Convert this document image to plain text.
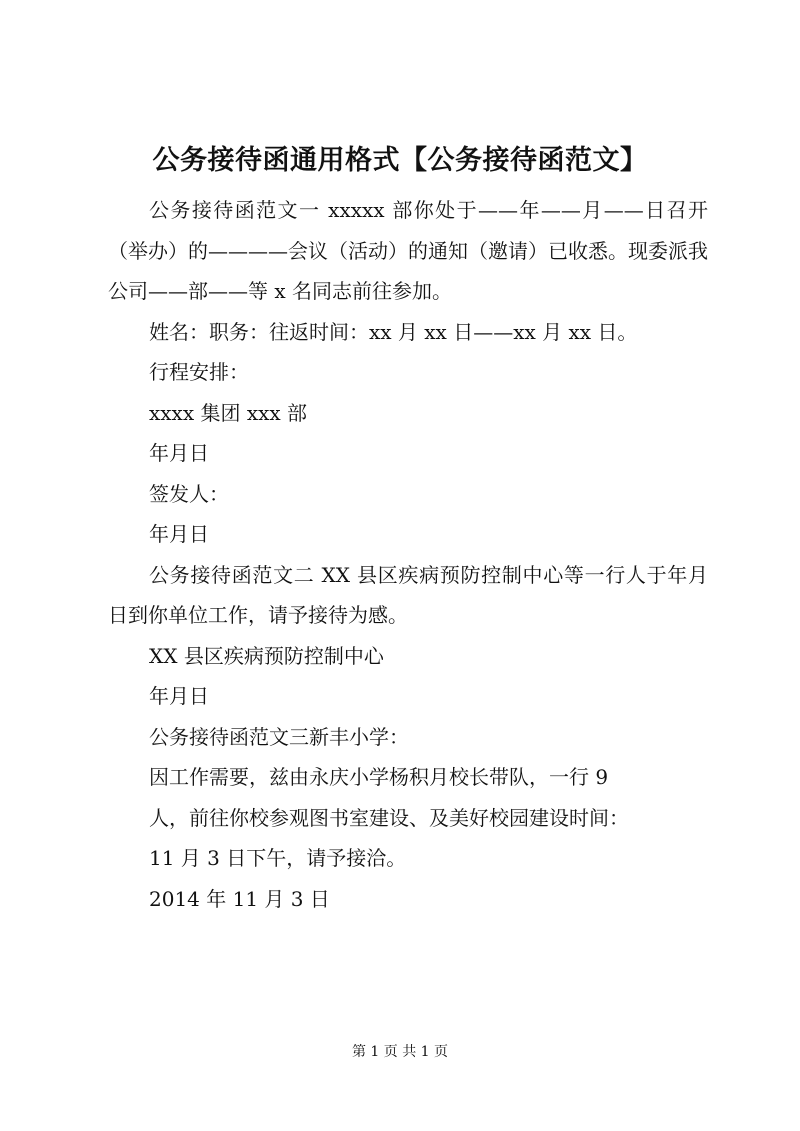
公务接待函通用格式【公务接待函范文】

公务接待函范文一 xxxxx 部你处于——年——月——日召开（举办）的————会议（活动）的通知（邀请）已收悉。现委派我公司——部——等 x 名同志前往参加。

姓名：职务：往返时间：xx 月 xx 日——xx 月 xx 日。

行程安排：

xxxx 集团 xxx 部

年月日

签发人：

年月日

公务接待函范文二 XX 县区疾病预防控制中心等一行人于年月日到你单位工作，请予接待为感。

XX 县区疾病预防控制中心

年月日

公务接待函范文三新丰小学：

因工作需要，兹由永庆小学杨积月校长带队，一行 9

人，前往你校参观图书室建设、及美好校园建设时间：

11 月 3 日下午，请予接洽。

2014 年 11 月 3 日

第 1 页 共 1 页
